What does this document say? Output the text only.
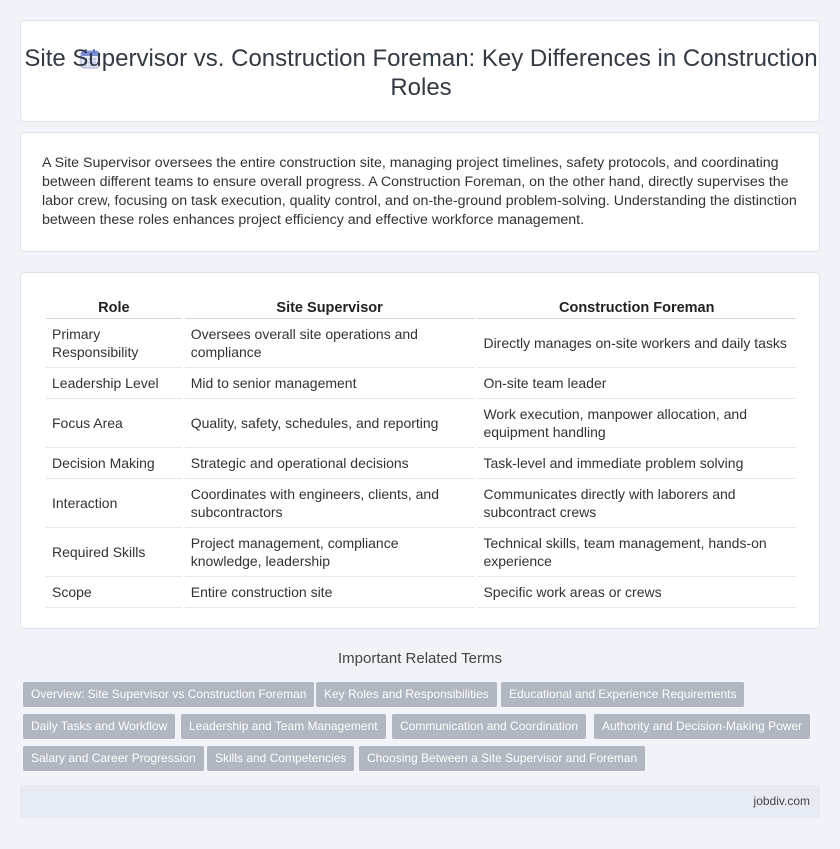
Site Supervisor vs. Construction Foreman: Key Differences in Construction Roles

A Site Supervisor oversees the entire construction site, managing project timelines, safety protocols, and coordinating between different teams to ensure overall progress. A Construction Foreman, on the other hand, directly supervises the labor crew, focusing on task execution, quality control, and on-the-ground problem-solving. Understanding the distinction between these roles enhances project efficiency and effective workforce management.

Role	Site Supervisor	Construction Foreman
Primary Responsibility	Oversees overall site operations and compliance	Directly manages on-site workers and daily tasks
Leadership Level	Mid to senior management	On-site team leader
Focus Area	Quality, safety, schedules, and reporting	Work execution, manpower allocation, and equipment handling
Decision Making	Strategic and operational decisions	Task-level and immediate problem solving
Interaction	Coordinates with engineers, clients, and subcontractors	Communicates directly with laborers and subcontract crews
Required Skills	Project management, compliance knowledge, leadership	Technical skills, team management, hands-on experience
Scope	Entire construction site	Specific work areas or crews
Important Related Terms
Overview: Site Supervisor vs Construction Foreman	Key Roles and Responsibilities	Educational and Experience Requirements
Daily Tasks and Workflow	Leadership and Team Management	Communication and Coordination	Authority and Decision-Making Power
Salary and Career Progression	Skills and Competencies	Choosing Between a Site Supervisor and Foreman
jobdiv.com
